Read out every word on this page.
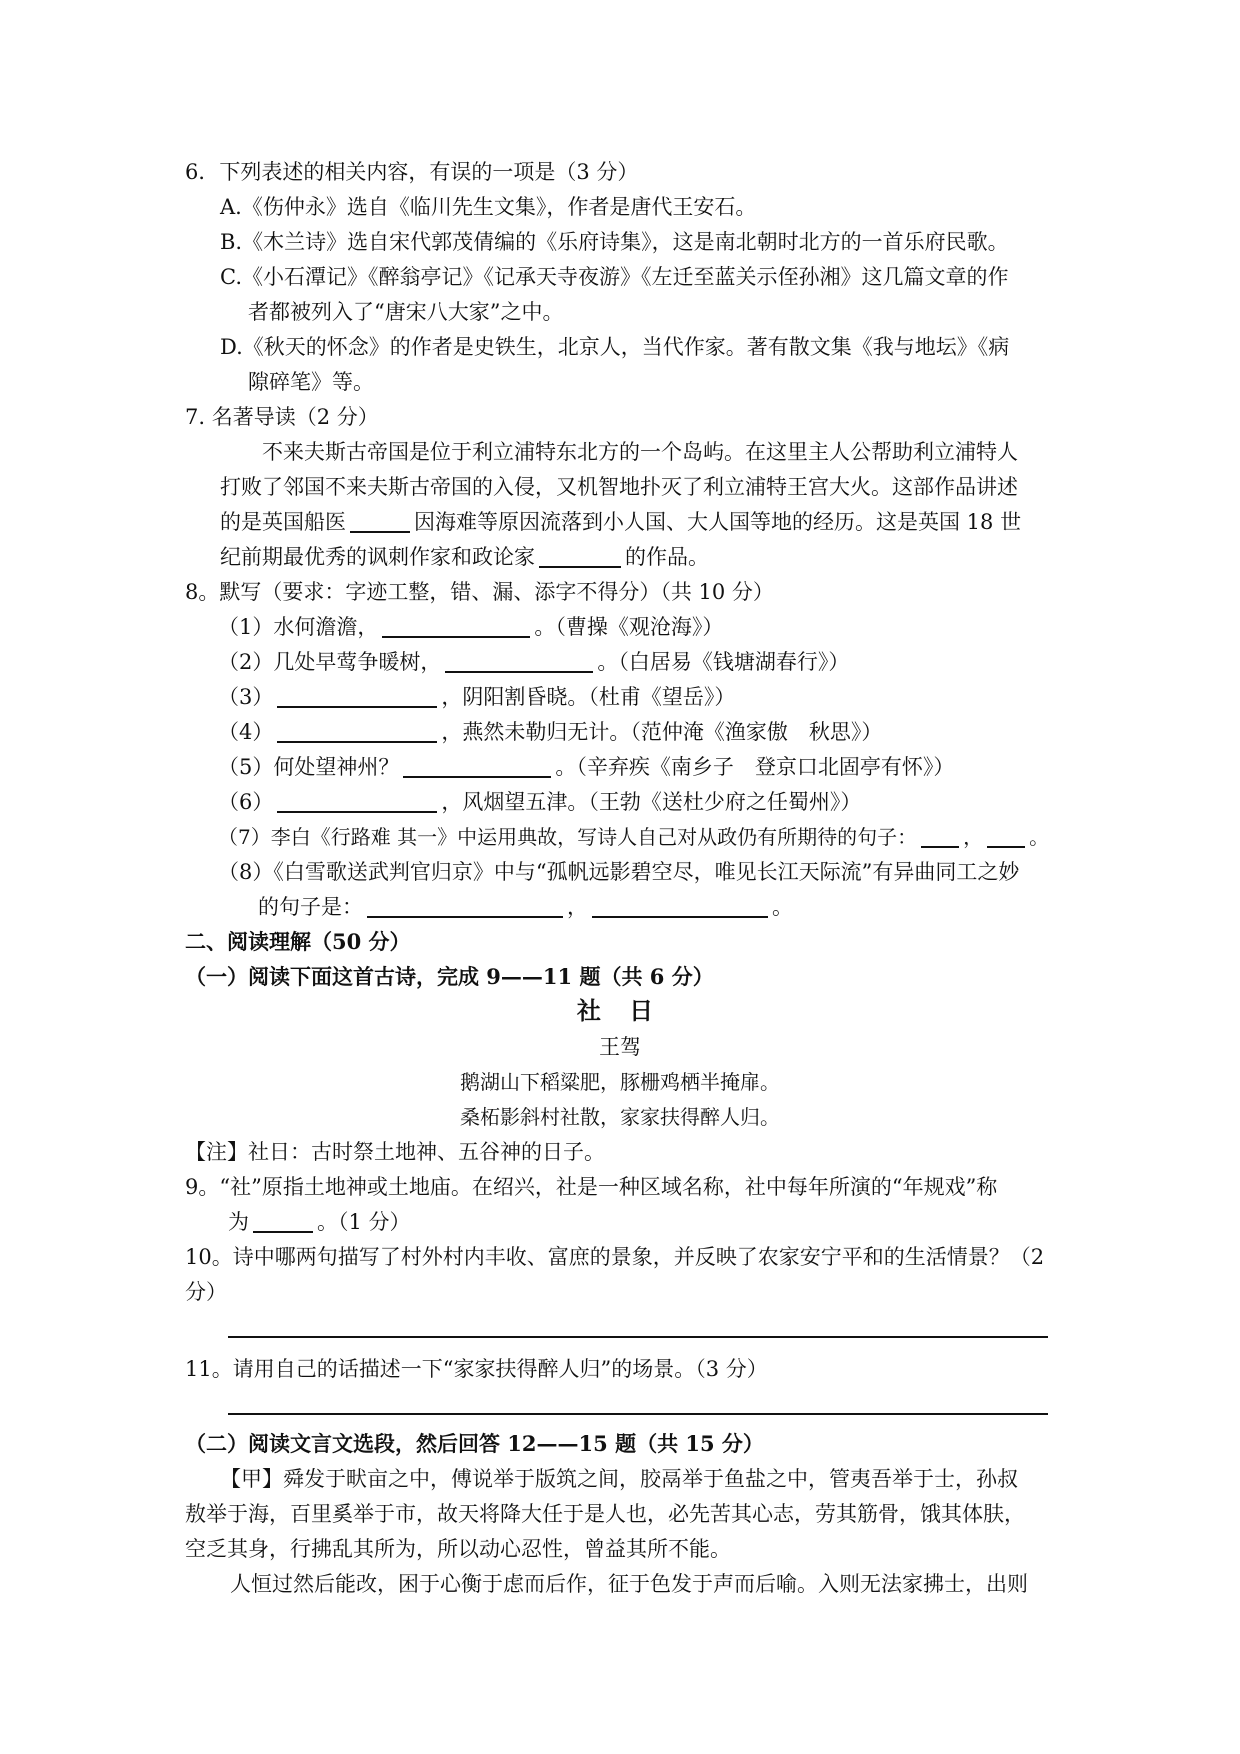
6．下列表述的相关内容，有误的一项是（3 分）
A.《伤仲永》选自《临川先生文集》，作者是唐代王安石。
B.《木兰诗》选自宋代郭茂倩编的《乐府诗集》，这是南北朝时北方的一首乐府民歌。
C.《小石潭记》《醉翁亭记》《记承天寺夜游》《左迁至蓝关示侄孙湘》这几篇文章的作
者都被列入了“唐宋八大家”之中。
D.《秋天的怀念》的作者是史铁生，北京人，当代作家。著有散文集《我与地坛》《病
隙碎笔》等。
7. 名著导读（2 分）
不来夫斯古帝国是位于利立浦特东北方的一个岛屿。在这里主人公帮助利立浦特人
打败了邻国不来夫斯古帝国的入侵，又机智地扑灭了利立浦特王宫大火。这部作品讲述
的是英国船医	因海难等原因流落到小人国、大人国等地的经历。这是英国 18 世
纪前期最优秀的讽刺作家和政论家	的作品。
8。默写（要求：字迹工整，错、漏、添字不得分）（共 10 分）
（1）水何澹澹，	。（曹操《观沧海》）
（2）几处早莺争暖树，	。（白居易《钱塘湖春行》）
（3）	，阴阳割昏晓。（杜甫《望岳》）
（4）	，燕然未勒归无计。（范仲淹《渔家傲　秋思》）
（5）何处望神州？	。（辛弃疾《南乡子　登京口北固亭有怀》）
（6）	，风烟望五津。（王勃《送杜少府之任蜀州》）
（7）李白《行路难 其一》中运用典故，写诗人自己对从政仍有所期待的句子： ， 。
（8）《白雪歌送武判官归京》中与“孤帆远影碧空尽，唯见长江天际流”有异曲同工之妙
的句子是：	，	。
二、阅读理解（50 分）
（一）阅读下面这首古诗，完成 9——11 题（共 6 分）
社 日
王驾
鹅湖山下稻粱肥，豚栅鸡栖半掩扉。
桑柘影斜村社散，家家扶得醉人归。
【注】社日：古时祭土地神、五谷神的日子。
9。“社”原指土地神或土地庙。在绍兴，社是一种区域名称，社中每年所演的“年规戏”称
为	。（1 分）
10。诗中哪两句描写了村外村内丰收、富庶的景象，并反映了农家安宁平和的生活情景？（2
分）
11。请用自己的话描述一下“家家扶得醉人归”的场景。（3 分）
（二）阅读文言文选段，然后回答 12——15 题（共 15 分）
【甲】舜发于畎亩之中，傅说举于版筑之间，胶鬲举于鱼盐之中，管夷吾举于士，孙叔
敖举于海，百里奚举于市，故天将降大任于是人也，必先苦其心志，劳其筋骨，饿其体肤，
空乏其身，行拂乱其所为，所以动心忍性，曾益其所不能。
人恒过然后能改，困于心衡于虑而后作，征于色发于声而后喻。入则无法家拂士，出则
